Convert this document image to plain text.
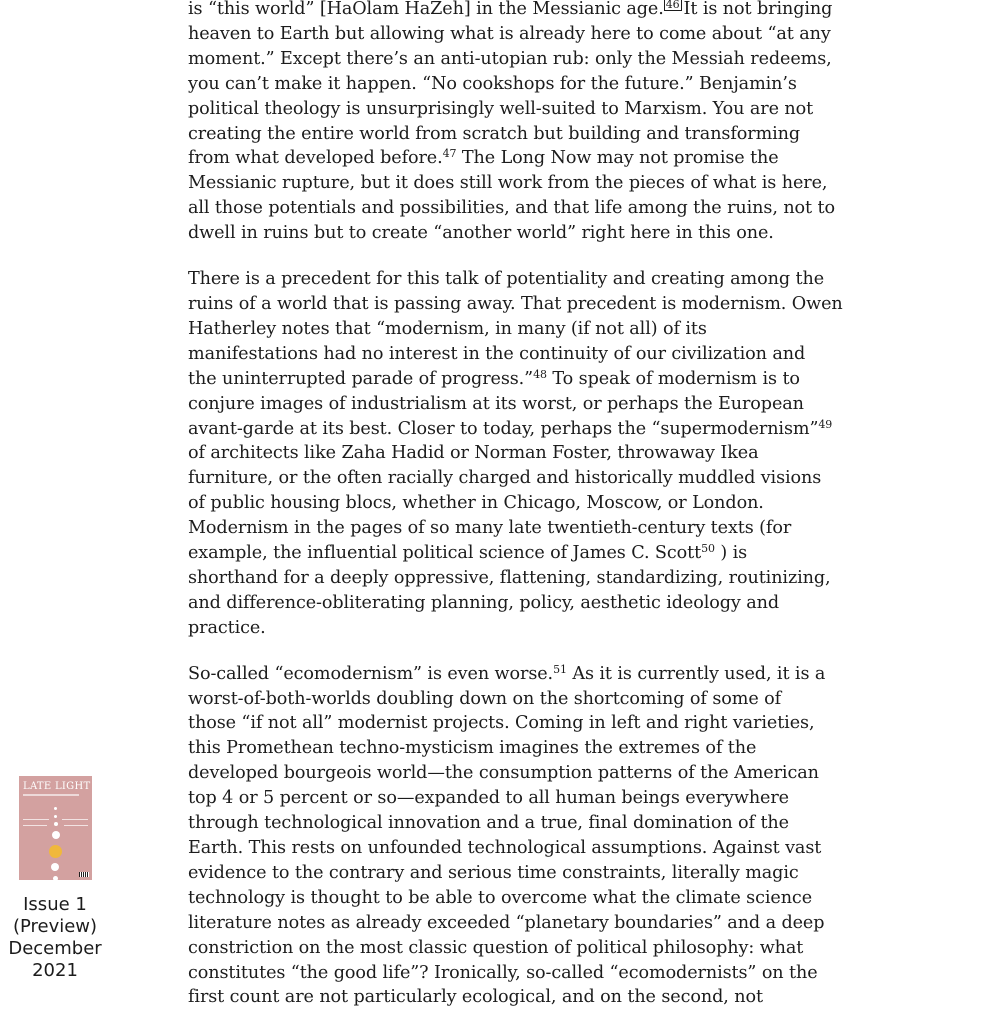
is “this world” [HaOlam HaZeh] in the Messianic age. 46 It is not bringing
heaven to Earth but allowing what is already here to come about “at any
moment.” Except there’s an anti-utopian rub: only the Messiah redeems,
you can’t make it happen. “No cookshops for the future.” Benjamin’s
political theology is unsurprisingly well-suited to Marxism. You are not
creating the entire world from scratch but building and transforming
from what developed before.$^{47}$ The Long Now may not promise the
Messianic rupture, but it does still work from the pieces of what is here,
all those potentials and possibilities, and that life among the ruins, not to
dwell in ruins but to create “another world” right here in this one.

There is a precedent for this talk of potentiality and creating among the
ruins of a world that is passing away. That precedent is modernism. Owen
Hatherley notes that “modernism, in many (if not all) of its
manifestations had no interest in the continuity of our civilization and
the uninterrupted parade of progress.”$^{48}$ To speak of modernism is to
conjure images of industrialism at its worst, or perhaps the European
avant-garde at its best. Closer to today, perhaps the “supermodernism”$^{49}$
of architects like Zaha Hadid or Norman Foster, throwaway Ikea
furniture, or the often racially charged and historically muddled visions
of public housing blocs, whether in Chicago, Moscow, or London.
Modernism in the pages of so many late twentieth-century texts (for
example, the influential political science of James C. Scott$^{50}$ ) is
shorthand for a deeply oppressive, flattening, standardizing, routinizing,
and difference-obliterating planning, policy, aesthetic ideology and
practice.

So-called “ecomodernism” is even worse.$^{51}$ As it is currently used, it is a
worst-of-both-worlds doubling down on the shortcoming of some of
those “if not all” modernist projects. Coming in left and right varieties,
this Promethean techno-mysticism imagines the extremes of the
developed bourgeois world—the consumption patterns of the American
top 4 or 5 percent or so—expanded to all human beings everywhere
through technological innovation and a true, final domination of the
Earth. This rests on unfounded technological assumptions. Against vast
evidence to the contrary and serious time constraints, literally magic
technology is thought to be able to overcome what the climate science
literature notes as already exceeded “planetary boundaries” and a deep
constriction on the most classic question of political philosophy: what
constitutes “the good life”? Ironically, so-called “ecomodernists” on the
first count are not particularly ecological, and on the second, not

LATE LIGHT
Issue 1
(Preview)
December
2021
